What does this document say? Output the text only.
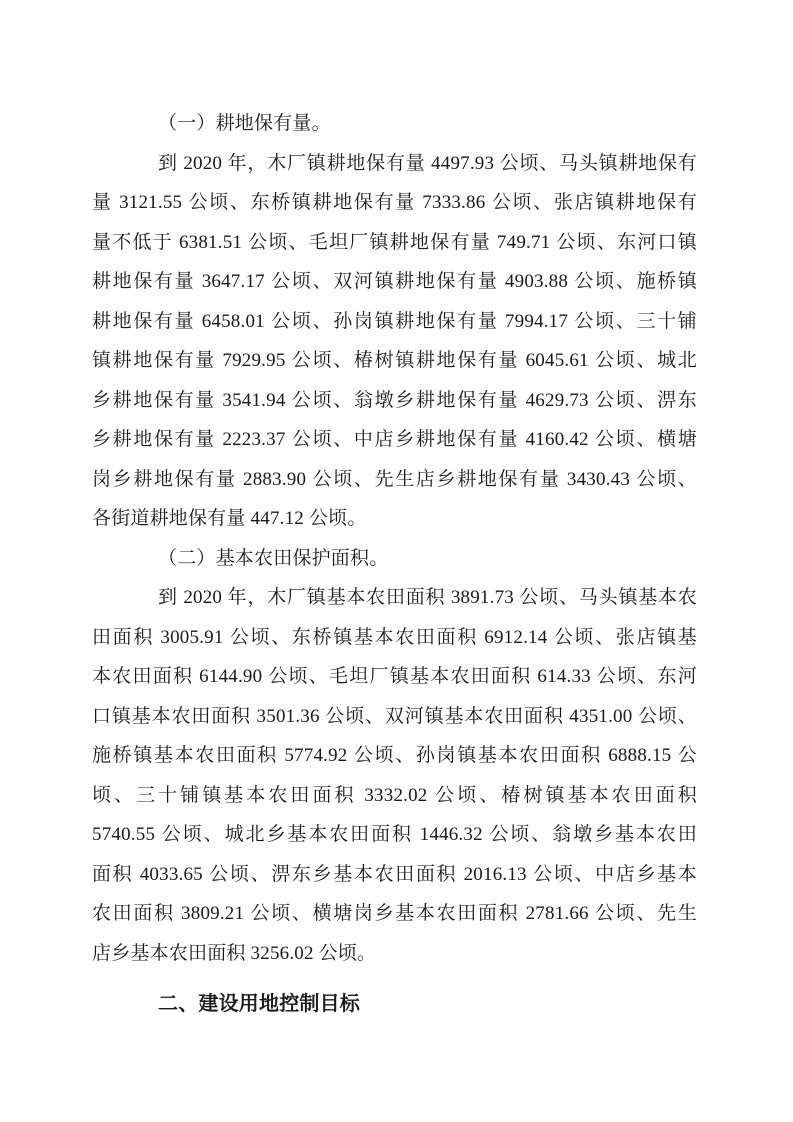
（一）耕地保有量。
到 2020 年，木厂镇耕地保有量 4497.93 公顷、马头镇耕地保有
量 3121.55 公顷、东桥镇耕地保有量 7333.86 公顷、张店镇耕地保有
量不低于 6381.51 公顷、毛坦厂镇耕地保有量 749.71 公顷、东河口镇
耕地保有量 3647.17 公顷、双河镇耕地保有量 4903.88 公顷、施桥镇
耕地保有量 6458.01 公顷、孙岗镇耕地保有量 7994.17 公顷、三十铺
镇耕地保有量 7929.95 公顷、椿树镇耕地保有量 6045.61 公顷、城北
乡耕地保有量 3541.94 公顷、翁墩乡耕地保有量 4629.73 公顷、淠东
乡耕地保有量 2223.37 公顷、中店乡耕地保有量 4160.42 公顷、横塘
岗乡耕地保有量 2883.90 公顷、先生店乡耕地保有量 3430.43 公顷、
各街道耕地保有量 447.12 公顷。
（二）基本农田保护面积。
到 2020 年，木厂镇基本农田面积 3891.73 公顷、马头镇基本农
田面积 3005.91 公顷、东桥镇基本农田面积 6912.14 公顷、张店镇基
本农田面积 6144.90 公顷、毛坦厂镇基本农田面积 614.33 公顷、东河
口镇基本农田面积 3501.36 公顷、双河镇基本农田面积 4351.00 公顷、
施桥镇基本农田面积 5774.92 公顷、孙岗镇基本农田面积 6888.15 公
顷、三十铺镇基本农田面积 3332.02 公顷、椿树镇基本农田面积
5740.55 公顷、城北乡基本农田面积 1446.32 公顷、翁墩乡基本农田
面积 4033.65 公顷、淠东乡基本农田面积 2016.13 公顷、中店乡基本
农田面积 3809.21 公顷、横塘岗乡基本农田面积 2781.66 公顷、先生
店乡基本农田面积 3256.02 公顷。
二、建设用地控制目标
